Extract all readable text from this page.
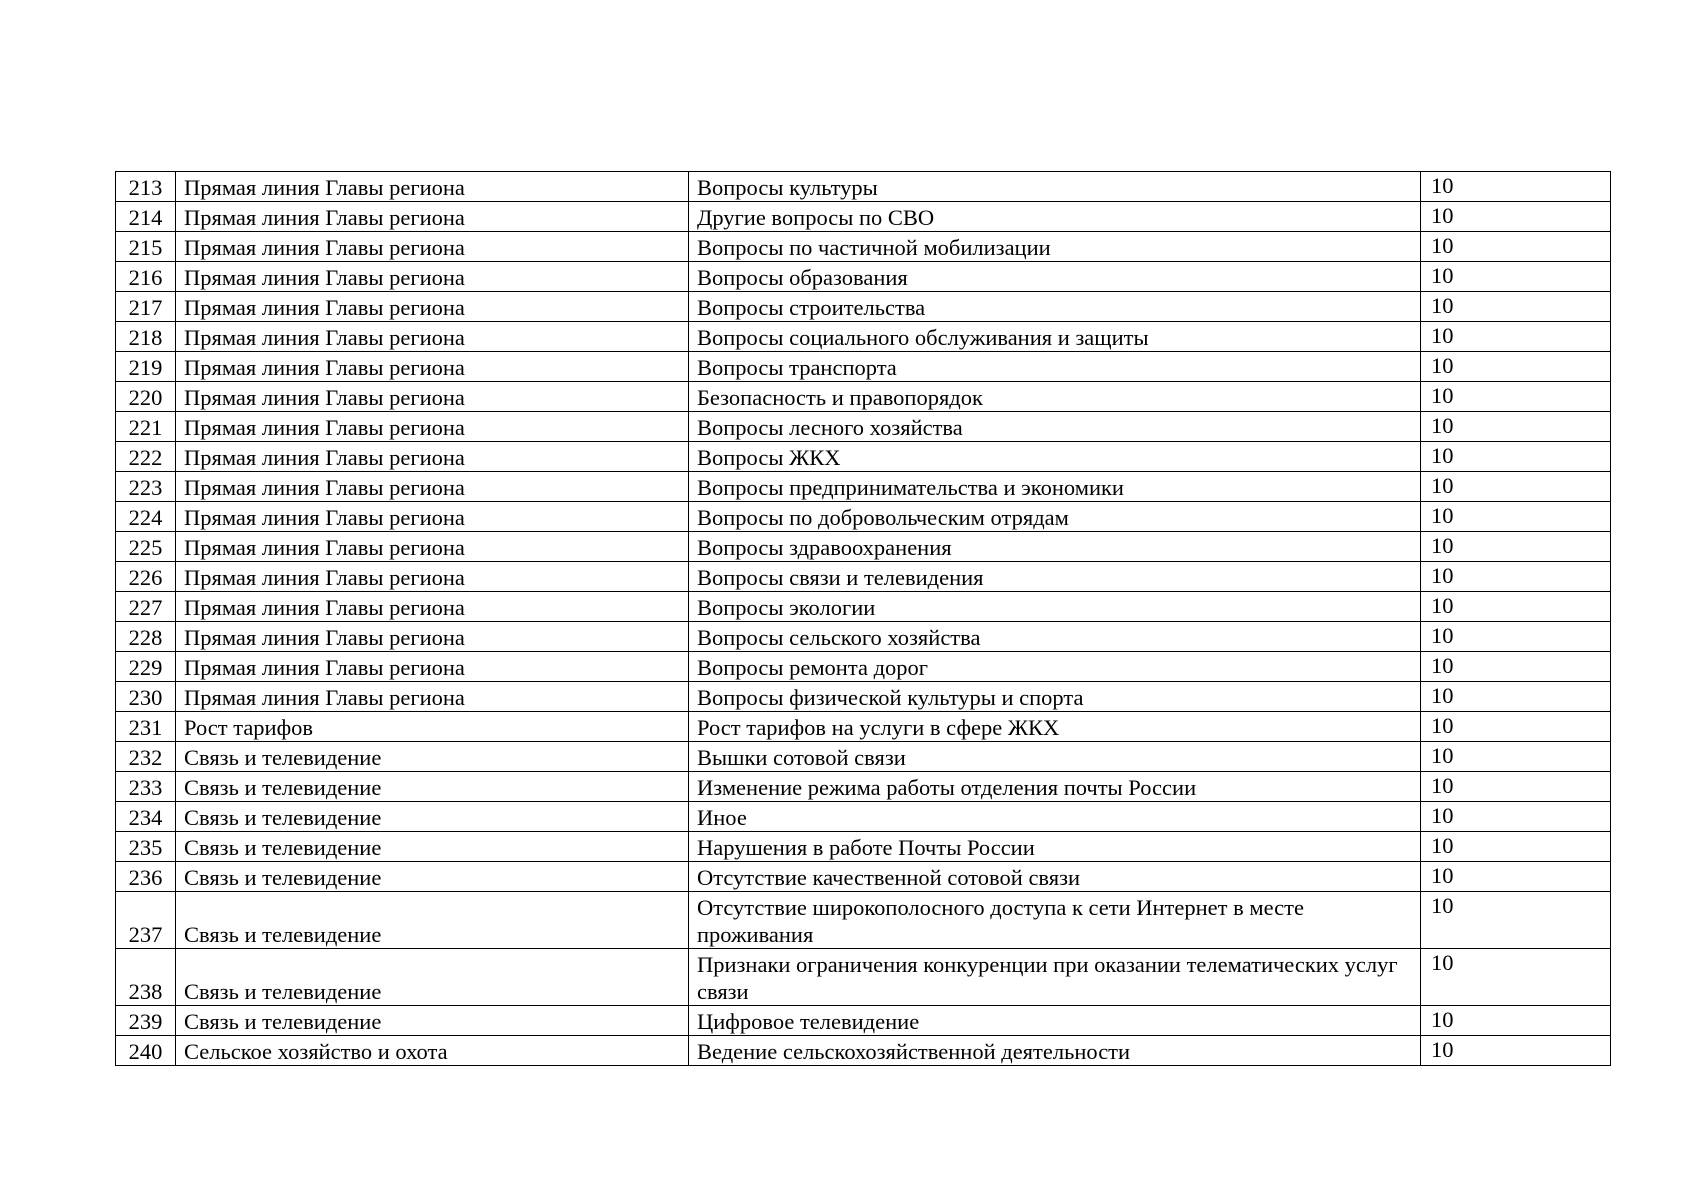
213	Прямая линия Главы региона	Вопросы культуры	10

214	Прямая линия Главы региона	Другие вопросы по СВО	10

215	Прямая линия Главы региона	Вопросы по частичной мобилизации	10

216	Прямая линия Главы региона	Вопросы образования	10

217	Прямая линия Главы региона	Вопросы строительства	10

218	Прямая линия Главы региона	Вопросы социального обслуживания и защиты	10

219	Прямая линия Главы региона	Вопросы транспорта	10

220	Прямая линия Главы региона	Безопасность и правопорядок	10

221	Прямая линия Главы региона	Вопросы лесного хозяйства	10

222	Прямая линия Главы региона	Вопросы ЖКХ	10

223	Прямая линия Главы региона	Вопросы предпринимательства и экономики	10

224	Прямая линия Главы региона	Вопросы по добровольческим отрядам	10

225	Прямая линия Главы региона	Вопросы здравоохранения	10

226	Прямая линия Главы региона	Вопросы связи и телевидения	10

227	Прямая линия Главы региона	Вопросы экологии	10

228	Прямая линия Главы региона	Вопросы сельского хозяйства	10

229	Прямая линия Главы региона	Вопросы ремонта дорог	10

230	Прямая линия Главы региона	Вопросы физической культуры и спорта	10

231	Рост тарифов	Рост тарифов на услуги в сфере ЖКХ	10

232	Связь и телевидение	Вышки сотовой связи	10

233	Связь и телевидение	Изменение режима работы отделения почты России	10

234	Связь и телевидение	Иное	10

235	Связь и телевидение	Нарушения в работе Почты России	10

236	Связь и телевидение	Отсутствие качественной сотовой связи	10

237	Связь и телевидение	Отсутствие широкополосного доступа к сети Интернет в месте проживания	10

238	Связь и телевидение	Признаки ограничения конкуренции при оказании телематических услуг связи	10

239	Связь и телевидение	Цифровое телевидение	10

240	Сельское хозяйство и охота	Ведение сельскохозяйственной деятельности	10
